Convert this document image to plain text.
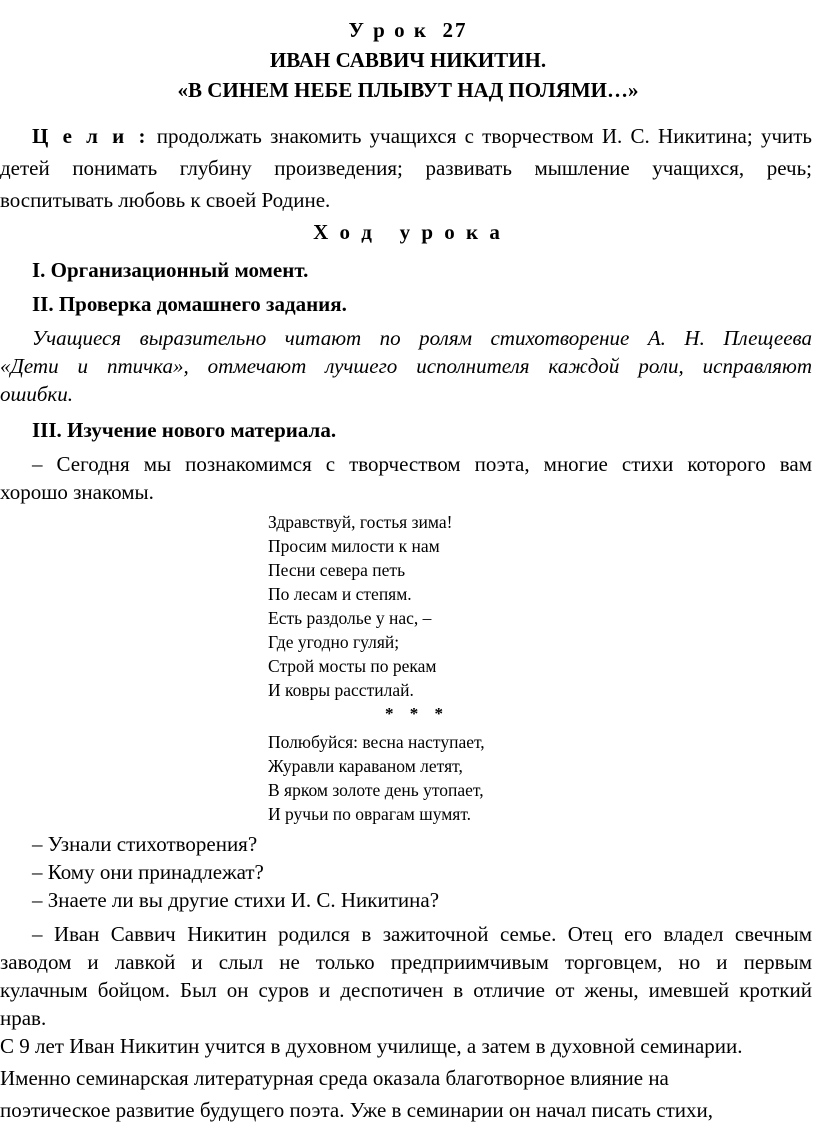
У р о к  27
ИВАН САВВИЧ НИКИТИН.
«В СИНЕМ НЕБЕ ПЛЫВУТ НАД ПОЛЯМИ…»
Ц е л и : продолжать знакомить учащихся с творчеством И. С. Никитина; учить
детей понимать глубину произведения; развивать мышление учащихся, речь;
воспитывать любовь к своей Родине.
Х о д   у р о к а
I. Организационный момент.
II. Проверка домашнего задания.
Учащиеся выразительно читают по ролям стихотворение А. Н. Плещеева
«Дети и птичка», отмечают лучшего исполнителя каждой роли, исправляют
ошибки.
III. Изучение нового материала.
– Сегодня мы познакомимся с творчеством поэта, многие стихи которого вам
хорошо знакомы.
Здравствуй, гостья зима!
Просим милости к нам
Песни севера петь
По лесам и степям.
Есть раздолье у нас, –
Где угодно гуляй;
Строй мосты по рекам
И ковры расстилай.
* * *
Полюбуйся: весна наступает,
Журавли караваном летят,
В ярком золоте день утопает,
И ручьи по оврагам шумят.
– Узнали стихотворения?
– Кому они принадлежат?
– Знаете ли вы другие стихи И. С. Никитина?
– Иван Саввич Никитин родился в зажиточной семье. Отец его владел свечным
заводом и лавкой и слыл не только предприимчивым торговцем, но и первым
кулачным бойцом. Был он суров и деспотичен в отличие от жены, имевшей кроткий
нрав.
С 9 лет Иван Никитин учится в духовном училище, а затем в духовной семинарии.
Именно семинарская литературная среда оказала благотворное влияние на
поэтическое развитие будущего поэта. Уже в семинарии он начал писать стихи,
